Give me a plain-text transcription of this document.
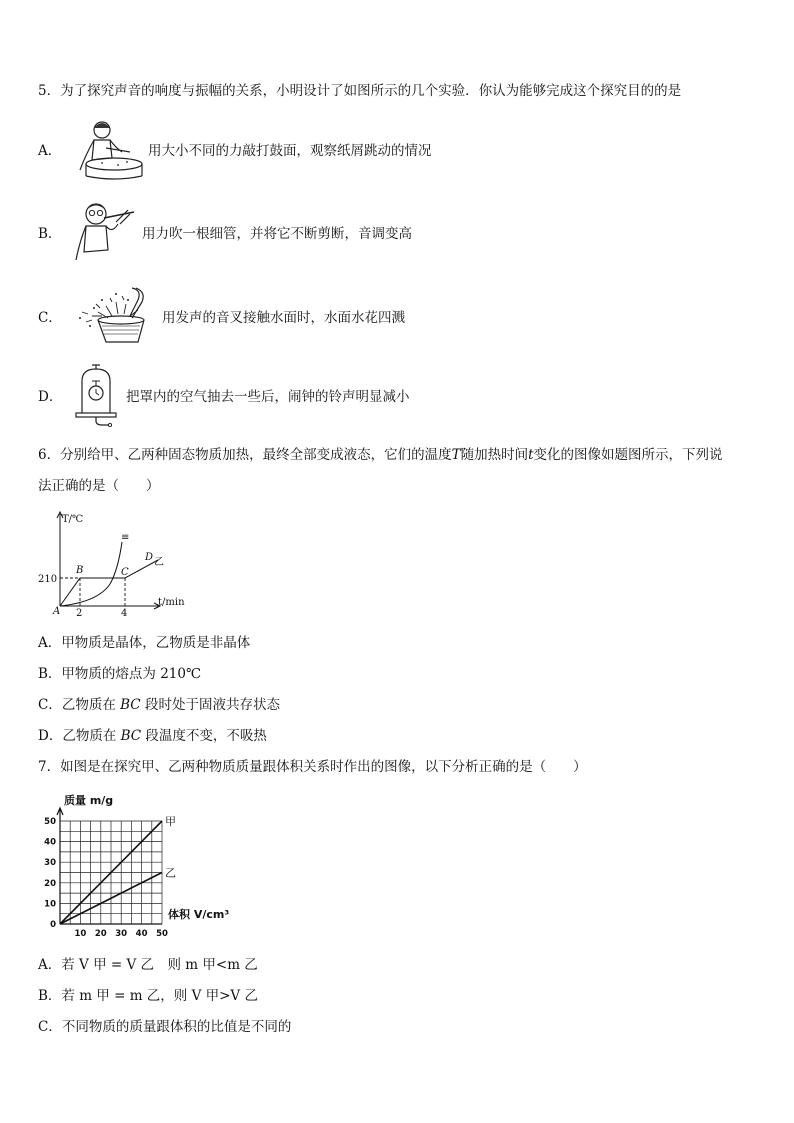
5．为了探究声音的响度与振幅的关系，小明设计了如图所示的几个实验．你认为能够完成这个探究目的的是
A．	用大小不同的力敲打鼓面，观察纸屑跳动的情况
B．	用力吹一根细管，并将它不断剪断，音调变高
C．	用发声的音叉接触水面时，水面水花四溅
D．	把罩内的空气抽去一些后，闹钟的铃声明显减小
6．分别给甲、乙两种固态物质加热，最终全部变成液态，它们的温度T随加热时间t变化的图像如题图所示，下列说
法正确的是（　　）
T/℃
t/min
210
2	4
A
B	C
D 乙
≡
A．甲物质是晶体，乙物质是非晶体
B．甲物质的熔点为 210℃
C．乙物质在 BC 段时处于固液共存状态
D．乙物质在 BC 段温度不变，不吸热
7．如图是在探究甲、乙两种物质质量跟体积关系时作出的图像，以下分析正确的是（　　）
0
10
20
30
40
50
10 20 30 40 50
甲
乙
质量 m/g
体积 V/cm³
A．若 V 甲 = V 乙　则 m 甲<m 乙
B．若 m 甲 = m 乙，则 V 甲>V 乙
C．不同物质的质量跟体积的比值是不同的
